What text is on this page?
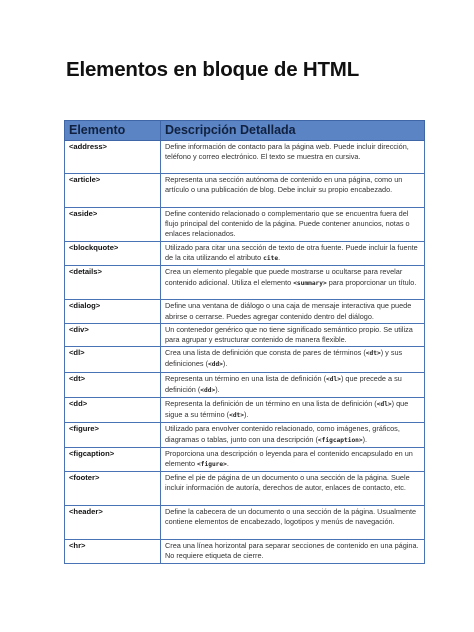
Elementos en bloque de HTML
Elemento	Descripción Detallada
<address>	Define información de contacto para la página web. Puede incluir dirección, teléfono y correo electrónico. El texto se muestra en cursiva.
<article>	Representa una sección autónoma de contenido en una página, como un artículo o una publicación de blog. Debe incluir su propio encabezado.
<aside>	Define contenido relacionado o complementario que se encuentra fuera del flujo principal del contenido de la página. Puede contener anuncios, notas o enlaces relacionados.
<blockquote>	Utilizado para citar una sección de texto de otra fuente. Puede incluir la fuente de la cita utilizando el atributo cite.
<details>	Crea un elemento plegable que puede mostrarse u ocultarse para revelar contenido adicional. Utiliza el elemento <summary> para proporcionar un título.
<dialog>	Define una ventana de diálogo o una caja de mensaje interactiva que puede abrirse o cerrarse. Puedes agregar contenido dentro del diálogo.
<div>	Un contenedor genérico que no tiene significado semántico propio. Se utiliza para agrupar y estructurar contenido de manera flexible.
<dl>	Crea una lista de definición que consta de pares de términos (<dt>) y sus definiciones (<dd>).
<dt>	Representa un término en una lista de definición (<dl>) que precede a su definición (<dd>).
<dd>	Representa la definición de un término en una lista de definición (<dl>) que sigue a su término (<dt>).
<figure>	Utilizado para envolver contenido relacionado, como imágenes, gráficos, diagramas o tablas, junto con una descripción (<figcaption>).
<figcaption>	Proporciona una descripción o leyenda para el contenido encapsulado en un elemento <figure>.
<footer>	Define el pie de página de un documento o una sección de la página. Suele incluir información de autoría, derechos de autor, enlaces de contacto, etc.
<header>	Define la cabecera de un documento o una sección de la página. Usualmente contiene elementos de encabezado, logotipos y menús de navegación.
<hr>	Crea una línea horizontal para separar secciones de contenido en una página. No requiere etiqueta de cierre.
